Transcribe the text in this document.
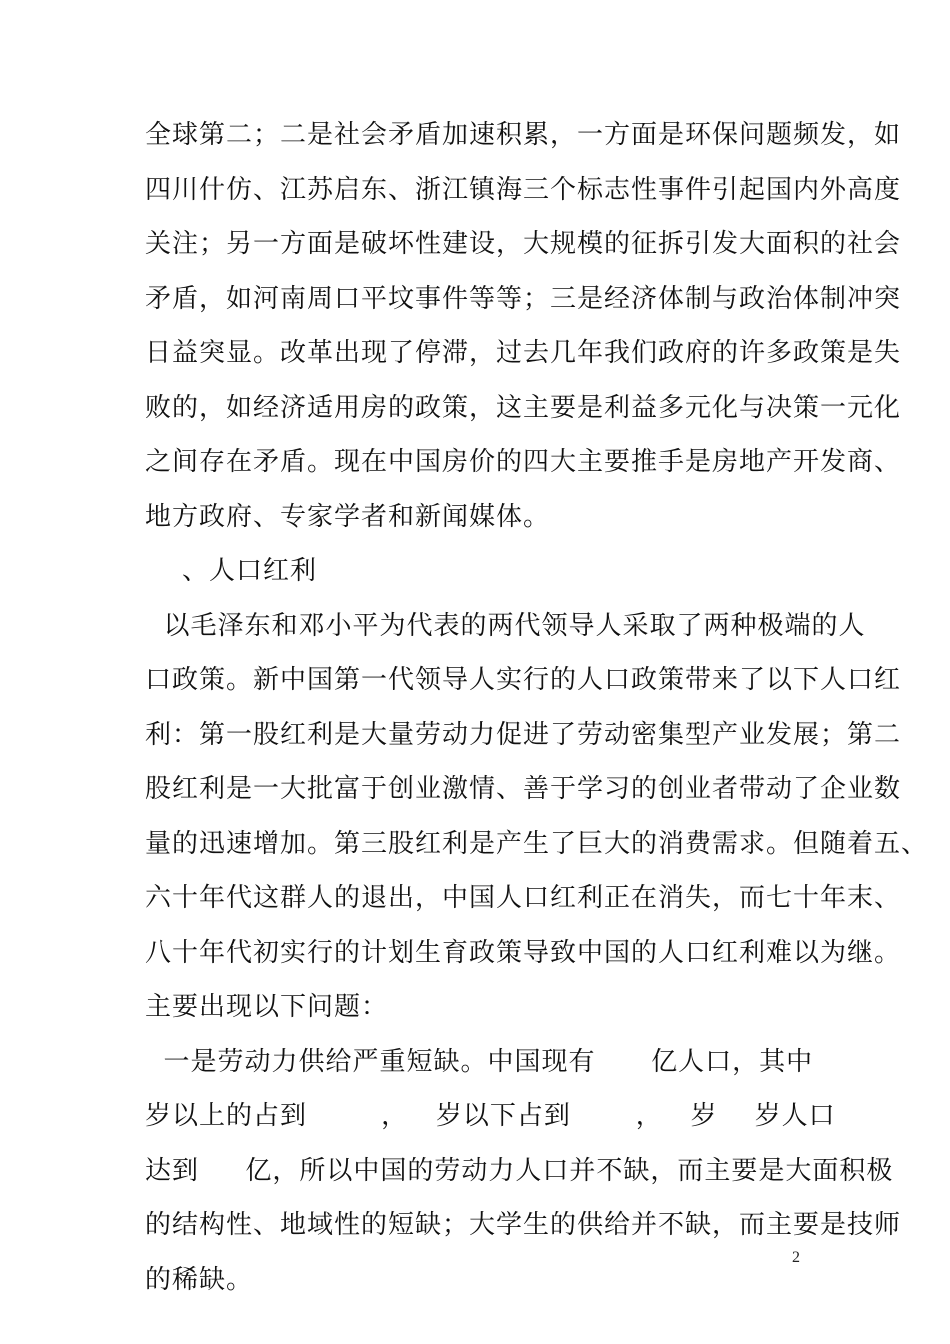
全球第二；二是社会矛盾加速积累，一方面是环保问题频发，如
四川什仿、江苏启东、浙江镇海三个标志性事件引起国内外高度
关注；另一方面是破坏性建设，大规模的征拆引发大面积的社会
矛盾，如河南周口平坟事件等等；三是经济体制与政治体制冲突
日益突显。改革出现了停滞，过去几年我们政府的许多政策是失
败的，如经济适用房的政策，这主要是利益多元化与决策一元化
之间存在矛盾。现在中国房价的四大主要推手是房地产开发商、
地方政府、专家学者和新闻媒体。
、人口红利
以毛泽东和邓小平为代表的两代领导人采取了两种极端的人
口政策。新中国第一代领导人实行的人口政策带来了以下人口红
利：第一股红利是大量劳动力促进了劳动密集型产业发展；第二
股红利是一大批富于创业激情、善于学习的创业者带动了企业数
量的迅速增加。第三股红利是产生了巨大的消费需求。但随着五、
六十年代这群人的退出，中国人口红利正在消失，而七十年末、
八十年代初实行的计划生育政策导致中国的人口红利难以为继。
主要出现以下问题：
一是劳动力供给严重短缺。中国现有      亿人口，其中
岁以上的占到        ，   岁以下占到       ，   岁    岁人口
达到     亿，所以中国的劳动力人口并不缺，而主要是大面积极
的结构性、地域性的短缺；大学生的供给并不缺，而主要是技师
的稀缺。
2
